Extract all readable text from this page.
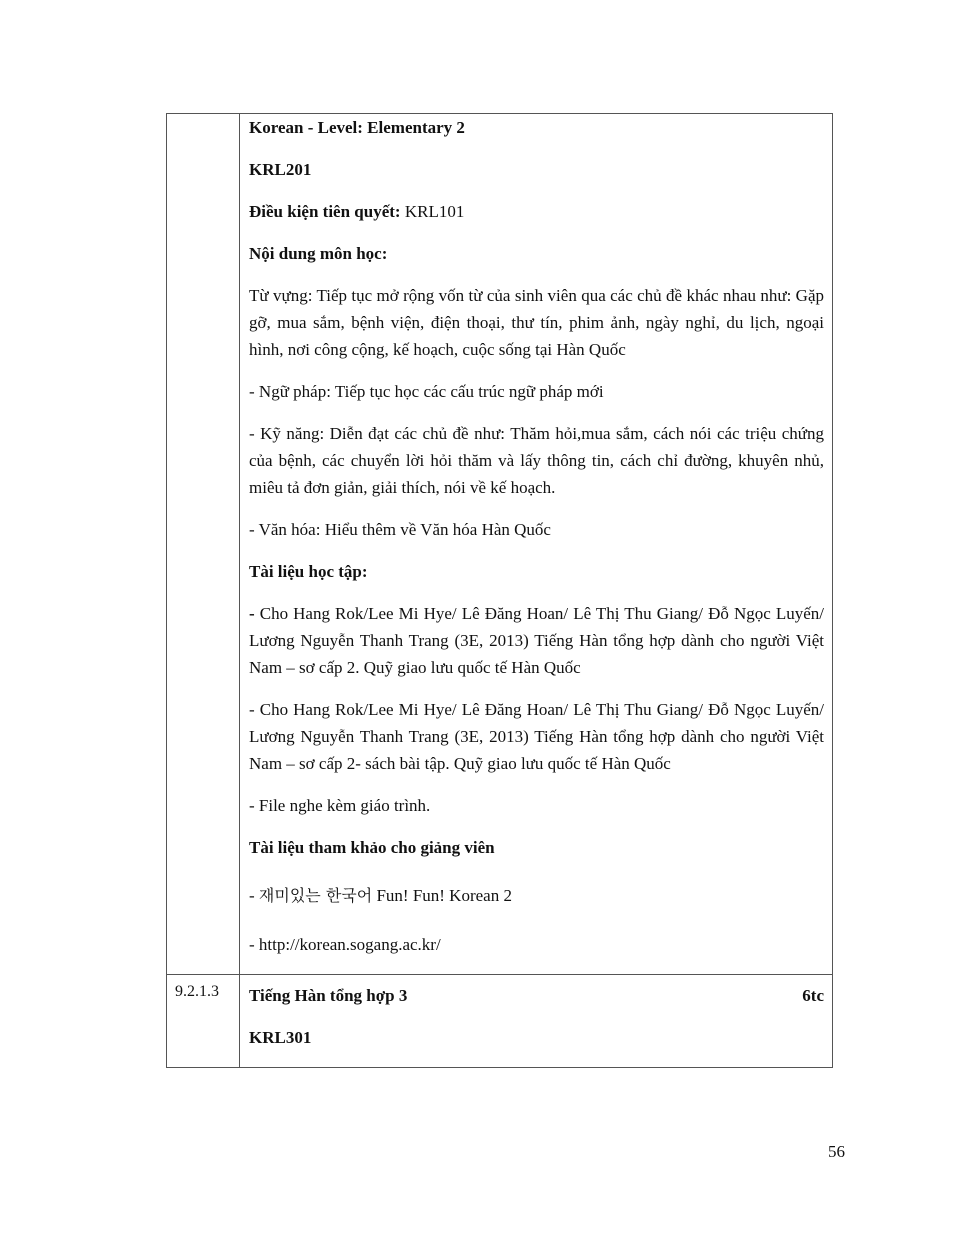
Korean - Level: Elementary 2

KRL201

Điều kiện tiên quyết: KRL101

Nội dung môn học:

Từ vựng: Tiếp tục mở rộng vốn từ của sinh viên qua các chủ đề khác nhau như: Gặp gỡ, mua sắm, bệnh viện, điện thoại, thư tín, phim ảnh, ngày nghỉ, du lịch, ngoại hình, nơi công cộng, kế hoạch, cuộc sống tại Hàn Quốc

- Ngữ pháp: Tiếp tục học các cấu trúc ngữ pháp mới

- Kỹ năng: Diễn đạt các chủ đề như: Thăm hỏi,mua sắm, cách nói các triệu chứng của bệnh, các chuyển lời hỏi thăm và lấy thông tin, cách chỉ đường, khuyên nhủ, miêu tả đơn giản, giải thích, nói về kế hoạch.

- Văn hóa: Hiểu thêm về Văn hóa Hàn Quốc

Tài liệu học tập:

- Cho Hang Rok/Lee Mi Hye/ Lê Đăng Hoan/ Lê Thị Thu Giang/ Đỗ Ngọc Luyến/ Lương Nguyễn Thanh Trang (3E, 2013) Tiếng Hàn tổng hợp dành cho người Việt Nam – sơ cấp 2. Quỹ giao lưu quốc tế Hàn Quốc

- Cho Hang Rok/Lee Mi Hye/ Lê Đăng Hoan/ Lê Thị Thu Giang/ Đỗ Ngọc Luyến/ Lương Nguyễn Thanh Trang (3E, 2013) Tiếng Hàn tổng hợp dành cho người Việt Nam – sơ cấp 2- sách bài tập. Quỹ giao lưu quốc tế Hàn Quốc

- File nghe kèm giáo trình.

Tài liệu tham khảo cho giảng viên

- 재미있는 한국어 Fun! Fun! Korean 2

- http://korean.sogang.ac.kr/

9.2.1.3	Tiếng Hàn tổng hợp 3	6tc

KRL301

56
